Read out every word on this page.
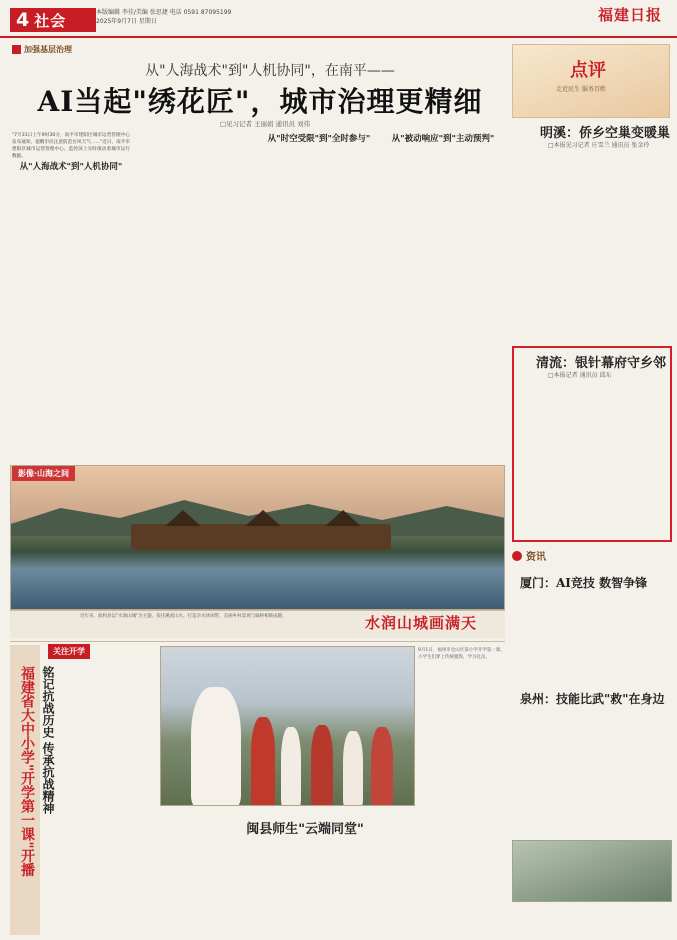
4 社会	本版编辑 李佳/美编 张思捷 电话 0591 87095199
2025年9月7日 星期日	福建日报
加强基层治理
从"人海战术"到"人机协同"，在南平——
AI当起"绣花匠"，城市治理更精细
□见习记者 王丽娟 通讯员 刘伟
"7月31日上午9时30分，南平市建阳区城市运营管理中心发布通知，提醒市民注意防范台风天气……"近日，南平市建阳区城市运营管理中心，监控屏上实时滚动着城市运行数据。
从"人海战术"到"人机协同"
从"时空受限"到"全时参与"	从"被动响应"到"主动预判"
影像·山海之间
近年来，政和县以"水润山城"为主题，依托溪流山水，打造亲水休闲带，美丽乡村景观与廊桥相映成趣。	水润山城画满天
点评
走近民生 服务百姓
明溪：侨乡空巢变暖巢
□本报见习记者 庄雪兰 通讯员 张金玲
清流：银针幕府守乡邻
□本报记者 通讯员 邱东
资讯
厦门：AI竞技 数智争锋
泉州：技能比武"救"在身边
关注开学
福建省大中小学"开学第一课"开播 铭记抗战历史 传承抗战精神
9月1日，福州市仓山区某小学开学第一课。小学生们穿上传统服饰，学习礼仪。
闽县师生"云端同堂"
